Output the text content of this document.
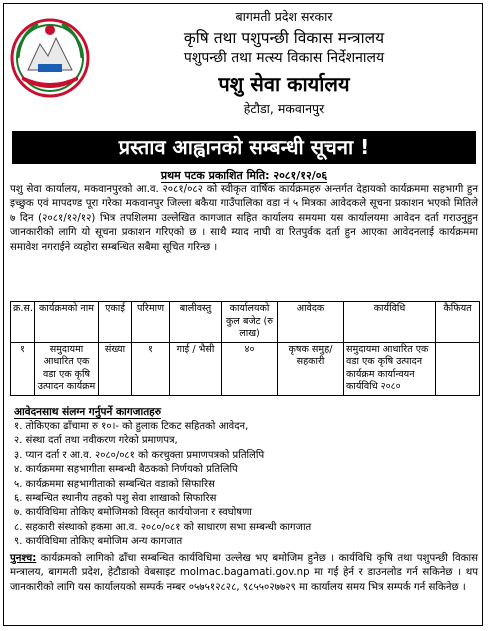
बागमती प्रदेश सरकार
कृषि तथा पशुपन्छी विकास मन्त्रालय
पशुपन्छी तथा मत्स्य विकास निर्देशनालय
पशु सेवा कार्यालय
हेटौडा, मकवानपुर
प्रस्ताव आह्वानको सम्बन्धी सूचना !
प्रथम पटक प्रकाशित मिति: २०८१/१२/०६
पशु सेवा कार्यालय, मकवानपुरको आ.व. २०८१/०८२ को स्वीकृत वार्षिक कार्यक्रमहरु अन्तर्गत देहायको कार्यक्रममा सहभागी हुन इच्छुक एवं मापदण्ड पूरा गरेका मकवानपुर जिल्ला बकैया गाउँपालिका वडा नं ५ मित्रका आवेदकले सूचना प्रकाशन भएको मितिले ७ दिन (२०८१/१२/१२) भित्र तपशिलमा उल्लेखित कागजात सहित कार्यालय समयमा यस कार्यालयमा आवेदन दर्ता गराउनुहुन जानकारीको लागि यो सूचना प्रकाशन गरिएको छ । साथै म्याद नाघी वा रितपुर्वक दर्ता हुन आएका आवेदनलाई कार्यक्रममा समावेश नगराईने व्यहोरा सम्बन्धित सबैमा सूचित गरिन्छ ।
क्र.स.	कार्यक्रमको नाम	एकाई	परिमाण	बालीवस्तु	कार्यालयको कुल बजेट (रु लाख)	आवेदक	कार्यविधि	कैफियत
१	समुदायमा आधारित एक वडा एक कृषि उत्पादन कार्यक्रम	संख्या	१	गाई / भैसी	४०	कृषक समुह/ सहकारी	समुदायमा आधारित एक वडा एक कृषि उत्पादन कार्यक्रम कार्यान्वयन कार्यविधि २०८०	
आवेदनसाथ संलग्न गर्नुपर्ने कागजातहरु
१. तोकिएका ढाँचामा रु १०।- को हुलाक टिकट सहितको आवेदन,
२. संस्था दर्ता तथा नवीकरण गरेको प्रमाणपत्र,
३. प्यान दर्ता र आ.व. २०८०/०८१ को करचुक्ता प्रमाणपत्रको प्रतिलिपि
४. कार्यक्रममा सहभागीता सम्बन्धी बैठकको निर्णयको प्रतिलिपि
५. कार्यक्रममा सहभागीताको सम्बन्धित वडाको सिफारिस
६. सम्बन्धित स्थानीय तहको पशु सेवा शाखाको सिफारिस
७. कार्यविधिमा तोकिए बमोजिमको विस्तृत कार्ययोजना र स्वघोषणा
८. सहकारी संस्थाको हकमा आ.व. २०८०/०८१ को साधारण सभा सम्बन्धी कागजात
९. कार्यविधिमा तोकिए बमोजिम अन्य कागजात
पुनश्च: कार्यक्रमको लागिको ढाँचा सम्बन्धित कार्यविधिमा उल्लेख भए बमोजिम हुनेछ । कार्यविधि कृषि तथा पशुपन्छी विकास मन्त्रालय, बागमती प्रदेश, हेटौडाको वेबसाइट molmac.bagamati.gov.np मा गई हेर्न र डाउनलोड गर्न सकिनेछ । थप जानकारीको लागि यस कार्यालयको सम्पर्क नम्बर ०५७५१२८२८, ९८५५०२७७२९ मा कार्यालय समय भित्र सम्पर्क गर्न सकिनेछ ।
